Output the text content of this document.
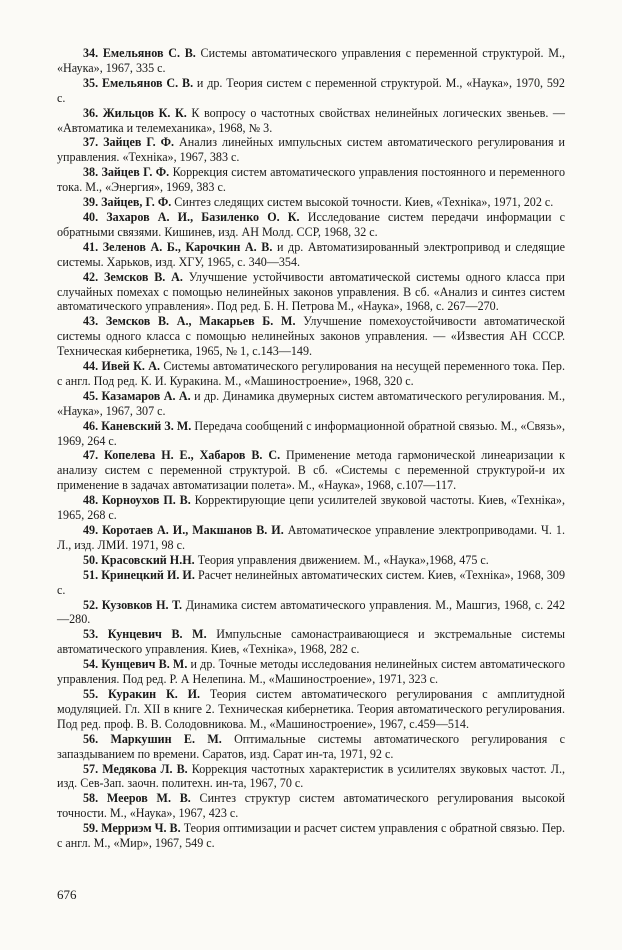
34. Емельянов С. В. Системы автоматического управления с переменной структурой. М., «Наука», 1967, 335 с.

35. Емельянов С. В. и др. Теория систем с переменной структурой. М., «Наука», 1970, 592 с.

36. Жильцов К. К. К вопросу о частотных свойствах нелинейных логических звеньев. — «Автоматика и телемеханика», 1968, № 3.

37. Зайцев Г. Ф. Анализ линейных импульсных систем автоматического регулирования и управления. «Техніка», 1967, 383 с.

38. Зайцев Г. Ф. Коррекция систем автоматического управления постоянного и переменного тока. М., «Энергия», 1969, 383 с.

39. Зайцев, Г. Ф. Синтез следящих систем высокой точности. Киев, «Техніка», 1971, 202 с.

40. Захаров А. И., Базиленко О. К. Исследование систем передачи информации с обратными связями. Кишинев, изд. АН Молд. ССР, 1968, 32 с.

41. Зеленов А. Б., Карочкин А. В. и др. Автоматизированный электропривод и следящие системы. Харьков, изд. ХГУ, 1965, с. 340—354.

42. Земсков В. А. Улучшение устойчивости автоматической системы одного класса при случайных помехах с помощью нелинейных законов управления. В сб. «Анализ и синтез систем автоматического управления». Под ред. Б. Н. Петрова М., «Наука», 1968, с. 267—270.

43. Земсков В. А., Макарьев Б. М. Улучшение помехоустойчивости автоматической системы одного класса с помощью нелинейных законов управления. — «Известия АН СССР. Техническая кибернетика, 1965, № 1, с.143—149.

44. Ивей К. А. Системы автоматического регулирования на несущей переменного тока. Пер. с англ. Под ред. К. И. Куракина. М., «Машиностроение», 1968, 320 с.

45. Казамаров А. А. и др. Динамика двумерных систем автоматического регулирования. М., «Наука», 1967, 307 с.

46. Каневский З. М. Передача сообщений с информационной обратной связью. М., «Связь», 1969, 264 с.

47. Копелева Н. Е., Хабаров В. С. Применение метода гармонической линеаризации к анализу систем с переменной структурой. В сб. «Системы с переменной структурой-и их применение в задачах автоматизации полета». М., «Наука», 1968, с.107—117.

48. Корноухов П. В. Корректирующие цепи усилителей звуковой частоты. Киев, «Техніка», 1965, 268 с.

49. Коротаев А. И., Макшанов В. И. Автоматическое управление электроприводами. Ч. 1. Л., изд. ЛМИ. 1971, 98 с.

50. Красовский Н.Н. Теория управления движением. М., «Наука»,1968, 475 с.

51. Кринецкий И. И. Расчет нелинейных автоматических систем. Киев, «Техніка», 1968, 309 с.

52. Кузовков Н. Т. Динамика систем автоматического управления. М., Машгиз, 1968, с. 242—280.

53. Кунцевич В. М. Импульсные самонастраивающиеся и экстремальные системы автоматического управления. Киев, «Техніка», 1968, 282 с.

54. Кунцевич В. М. и др. Точные методы исследования нелинейных систем автоматического управления. Под ред. Р. А Нелепина. М., «Машиностроение», 1971, 323 с.

55. Куракин К. И. Теория систем автоматического регулирования с амплитудной модуляцией. Гл. XII в книге 2. Техническая кибернетика. Теория автоматического регулирования. Под ред. проф. В. В. Солодовникова. М., «Машиностроение», 1967, с.459—514.

56. Маркушин Е. М. Оптимальные системы автоматического регулирования с запаздыванием по времени. Саратов, изд. Сарат ин-та, 1971, 92 с.

57. Медякова Л. В. Коррекция частотных характеристик в усилителях звуковых частот. Л., изд. Сев-Зап. заочн. политехн. ин-та, 1967, 70 с.

58. Мееров М. В. Синтез структур систем автоматического регулирования высокой точности. М., «Наука», 1967, 423 с.

59. Мерриэм Ч. В. Теория оптимизации и расчет систем управления с обратной связью. Пер. с англ. М., «Мир», 1967, 549 с.

676
